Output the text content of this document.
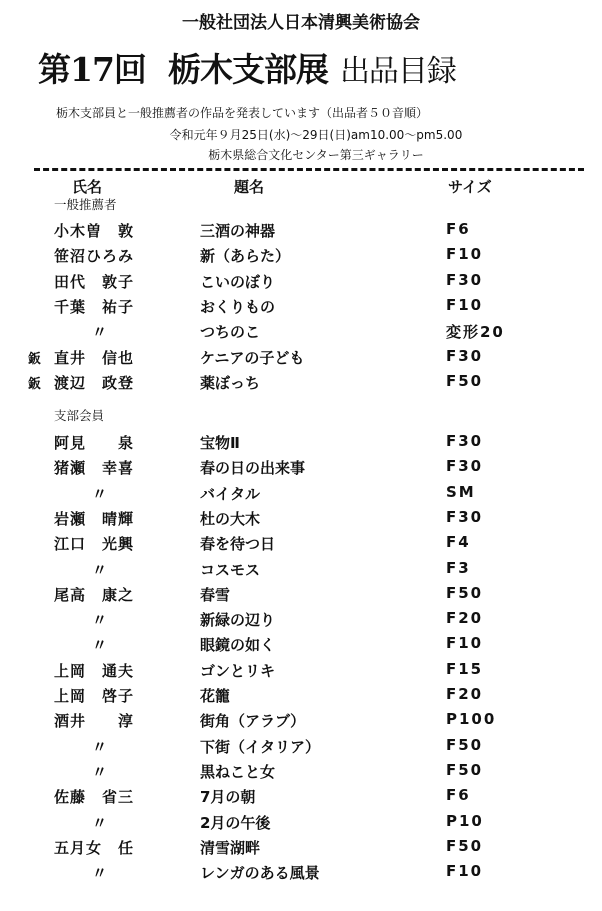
一般社団法人日本清興美術協会
第17回 栃木支部展 出品目録
栃木支部員と一般推薦者の作品を発表しています（出品者５０音順）
令和元年９月25日(水)～29日(日)am10.00～pm5.00
栃木県総合文化センター第三ギャラリー
氏名	題名	サイズ
一般推薦者
小木曽　敦	三酒の神器	F6
笹沼ひろみ	新（あらた）	F10
田代　敦子	こいのぼり	F30
千葉　祐子	おくりもの	F10
〃	つちのこ	変形20
鈑 直井　信也	ケニアの子ども	F30
鈑 渡辺　政登	薬ぼっち	F50
支部会員
阿見　　泉	宝物Ⅱ	F30
猪瀬　幸喜	春の日の出来事	F30
〃	バイタル	SM
岩瀬　晴輝	杜の大木	F30
江口　光興	春を待つ日	F4
〃	コスモス	F3
尾高　康之	春雪	F50
〃	新緑の辺り	F20
〃	眼鏡の如く	F10
上岡　通夫	ゴンとリキ	F15
上岡　啓子	花籠	F20
酒井　　淳	街角（アラブ）	P100
〃	下街（イタリア）	F50
〃	黒ねこと女	F50
佐藤　省三	7月の朝	F6
〃	2月の午後	P10
五月女　任	清雪湖畔	F50
〃	レンガのある風景	F10
